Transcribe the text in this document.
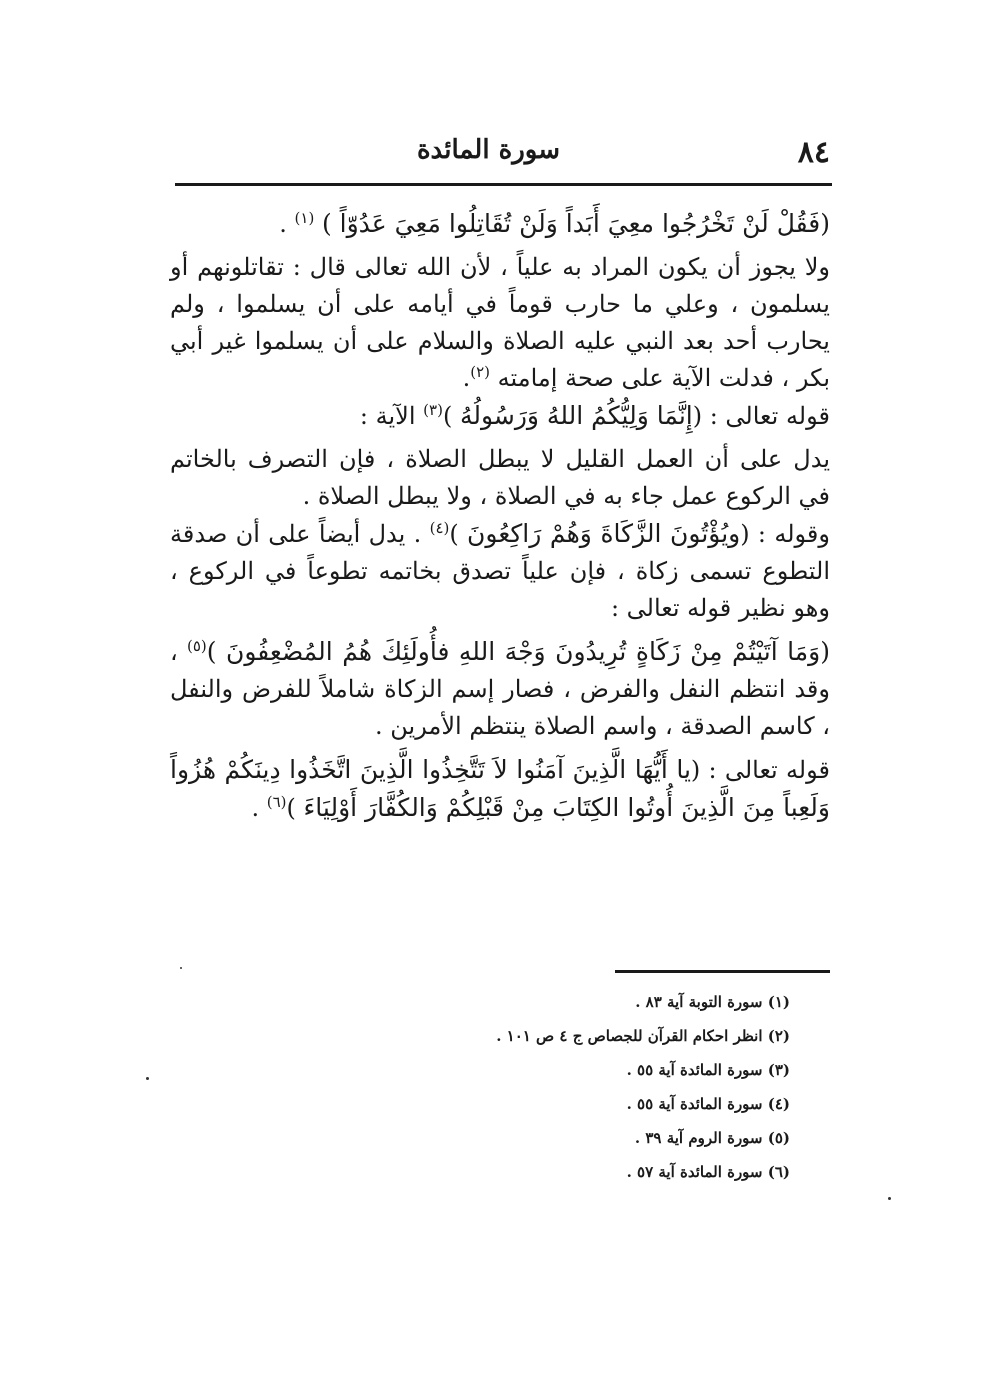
٨٤
سورة المائدة

(فَقُلْ لَنْ تَخْرُجُوا معِيَ أَبَداً وَلَنْ تُقَاتِلُوا مَعِيَ عَدُوّاً ) $^{(١)}$ .

ولا يجوز أن يكون المراد به علياً ، لأن الله تعالى قال : تقاتلونهم أو يسلمون ، وعلي ما حارب قوماً في أيامه على أن يسلموا ، ولم يحارب أحد بعد النبي عليه الصلاة والسلام على أن يسلموا غير أبي بكر ، فدلت الآية على صحة إمامته $^{(٢)}$.

قوله تعالى : (إِنَّمَا وَلِيُّكُمُ اللهُ وَرَسُولُهُ )$^{(٣)}$ الآية :

يدل على أن العمل القليل لا يبطل الصلاة ، فإن التصرف بالخاتم في الركوع عمل جاء به في الصلاة ، ولا يبطل الصلاة .

وقوله : (ويُؤْتُونَ الزَّكَاةَ وَهُمْ رَاكِعُونَ )$^{(٤)}$ . يدل أيضاً على أن صدقة التطوع تسمى زكاة ، فإن علياً تصدق بخاتمه تطوعاً في الركوع ، وهو نظير قوله تعالى :

(وَمَا آتَيْتُمْ مِنْ زَكَاةٍ تُرِيدُونَ وَجْهَ اللهِ فأُولَئِكَ هُمُ المُضْعِفُونَ )$^{(٥)}$ ، وقد انتظم النفل والفرض ، فصار إسم الزكاة شاملاً للفرض والنفل ، كاسم الصدقة ، واسم الصلاة ينتظم الأمرين .

قوله تعالى : (يا أَيُّهَا الَّذِينَ آمَنُوا لاَ تَتَّخِذُوا الَّذِينَ اتَّخَذُوا دِينَكُمْ هُزُواً وَلَعِباً مِنَ الَّذِينَ أُوتُوا الكِتَابَ مِنْ قَبْلِكُمْ وَالكُفَّارَ أَوْلِيَاءَ )$^{(٦)}$ .

(١) سورة التوبة آية ٨٣ .
(٢) انظر احكام القرآن للجصاص ج ٤ ص ١٠١ .
(٣) سورة المائدة آية ٥٥ .
(٤) سورة المائدة آية ٥٥ .
(٥) سورة الروم آية ٣٩ .
(٦) سورة المائدة آية ٥٧ .
